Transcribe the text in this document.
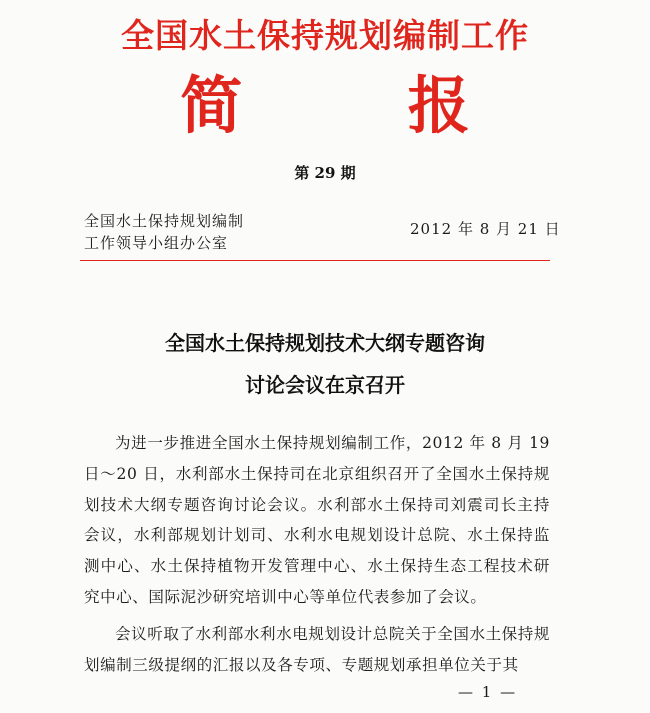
全国水土保持规划编制工作
简 报
第 29 期
全国水土保持规划编制
工作领导小组办公室
2012 年 8 月 21 日
全国水土保持规划技术大纲专题咨询
讨论会议在京召开

为进一步推进全国水土保持规划编制工作，2012 年 8 月 19 日～20 日，水利部水土保持司在北京组织召开了全国水土保持规划技术大纲专题咨询讨论会议。水利部水土保持司刘震司长主持会议，水利部规划计划司、水利水电规划设计总院、水土保持监测中心、水土保持植物开发管理中心、水土保持生态工程技术研究中心、国际泥沙研究培训中心等单位代表参加了会议。

会议听取了水利部水利水电规划设计总院关于全国水土保持规划编制三级提纲的汇报以及各专项、专题规划承担单位关于其

— 1 —
